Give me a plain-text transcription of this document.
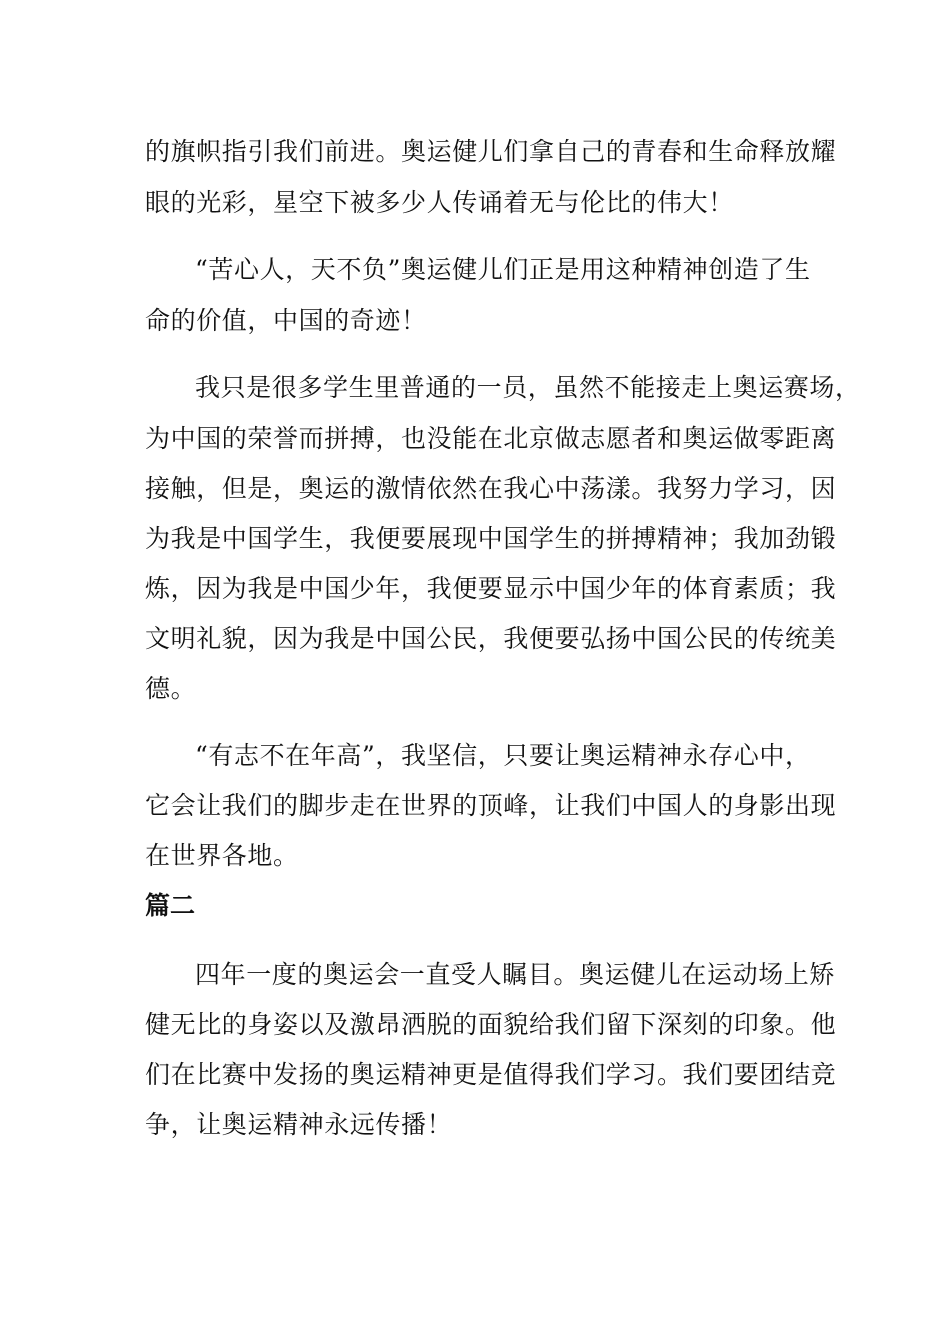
的旗帜指引我们前进。奥运健儿们拿自己的青春和生命释放耀
眼的光彩，星空下被多少人传诵着无与伦比的伟大！
“苦心人，天不负”奥运健儿们正是用这种精神创造了生
命的价值，中国的奇迹！
我只是很多学生里普通的一员，虽然不能接走上奥运赛场，
为中国的荣誉而拼搏，也没能在北京做志愿者和奥运做零距离
接触，但是，奥运的激情依然在我心中荡漾。我努力学习，因
为我是中国学生，我便要展现中国学生的拼搏精神；我加劲锻
炼，因为我是中国少年，我便要显示中国少年的体育素质；我
文明礼貌，因为我是中国公民，我便要弘扬中国公民的传统美
德。
“有志不在年高”，我坚信，只要让奥运精神永存心中，
它会让我们的脚步走在世界的顶峰，让我们中国人的身影出现
在世界各地。
篇二
四年一度的奥运会一直受人瞩目。奥运健儿在运动场上矫
健无比的身姿以及激昂洒脱的面貌给我们留下深刻的印象。他
们在比赛中发扬的奥运精神更是值得我们学习。我们要团结竞
争，让奥运精神永远传播！
